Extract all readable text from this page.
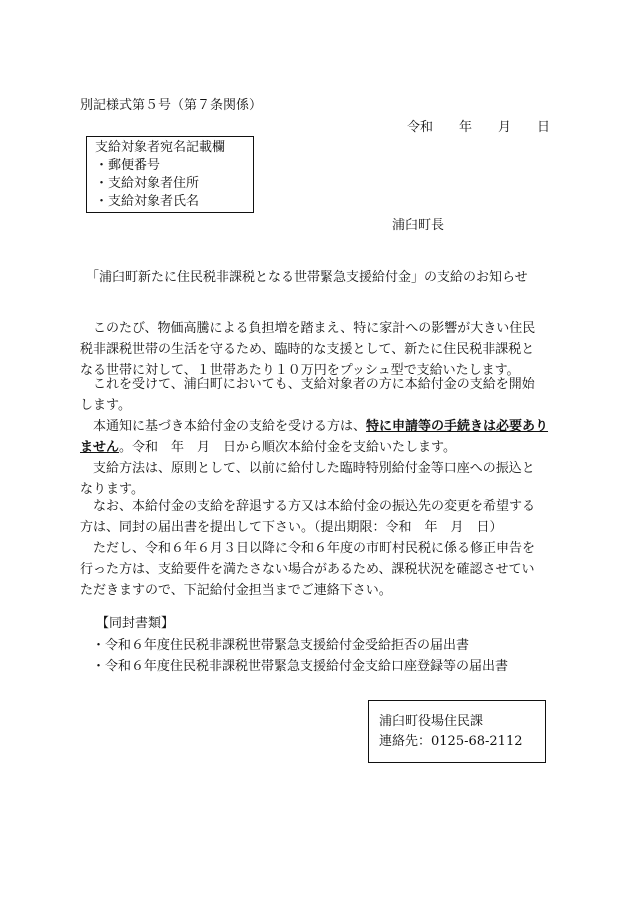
別記様式第５号（第７条関係）
令和　　年　　月　　日
支給対象者宛名記載欄
・郵便番号
・支給対象者住所
・支給対象者氏名
浦臼町長
「浦臼町新たに住民税非課税となる世帯緊急支援給付金」の支給のお知らせ
　このたび、物価高騰による負担増を踏まえ、特に家計への影響が大きい住民
税非課税世帯の生活を守るため、臨時的な支援として、新たに住民税非課税と
なる世帯に対して、１世帯あたり１０万円をプッシュ型で支給いたします。
　これを受けて、浦臼町においても、支給対象者の方に本給付金の支給を開始
します。
　本通知に基づき本給付金の支給を受ける方は、特に申請等の手続きは必要あり
ません。令和　年　月　日から順次本給付金を支給いたします。
　支給方法は、原則として、以前に給付した臨時特別給付金等口座への振込と
なります。
　なお、本給付金の支給を辞退する方又は本給付金の振込先の変更を希望する
方は、同封の届出書を提出して下さい。（提出期限：令和　年　月　日）
　ただし、令和６年６月３日以降に令和６年度の市町村民税に係る修正申告を
行った方は、支給要件を満たさない場合があるため、課税状況を確認させてい
ただきますので、下記給付金担当までご連絡下さい。
【同封書類】
・令和６年度住民税非課税世帯緊急支援給付金受給拒否の届出書
・令和６年度住民税非課税世帯緊急支援給付金支給口座登録等の届出書
浦臼町役場住民課
連絡先：0125-68-2112
